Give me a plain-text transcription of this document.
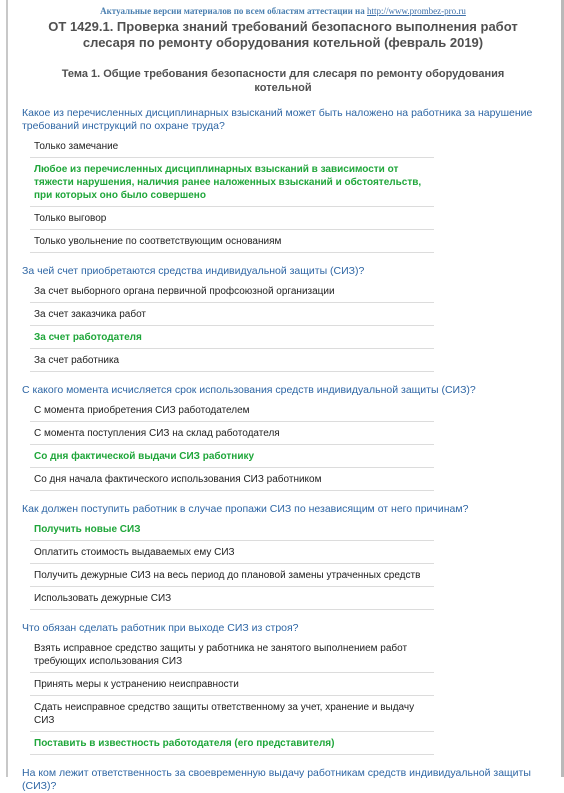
Актуальные версии материалов по всем областям аттестации на http://www.prombez-pro.ru
ОТ 1429.1. Проверка знаний требований безопасного выполнения работ слесаря по ремонту оборудования котельной (февраль 2019)
Тема 1. Общие требования безопасности для слесаря по ремонту оборудования котельной
Какое из перечисленных дисциплинарных взысканий может быть наложено на работника за нарушение требований инструкций по охране труда?
Только замечание
Любое из перечисленных дисциплинарных взысканий в зависимости от тяжести нарушения, наличия ранее наложенных взысканий и обстоятельств, при которых оно было совершено
Только выговор
Только увольнение по соответствующим основаниям
За чей счет приобретаются средства индивидуальной защиты (СИЗ)?
За счет выборного органа первичной профсоюзной организации
За счет заказчика работ
За счет работодателя
За счет работника
С какого момента исчисляется срок использования средств индивидуальной защиты (СИЗ)?
С момента приобретения СИЗ работодателем
С момента поступления СИЗ на склад работодателя
Со дня фактической выдачи СИЗ работнику
Со дня начала фактического использования СИЗ работником
Как должен поступить работник в случае пропажи СИЗ по независящим от него причинам?
Получить новые СИЗ
Оплатить стоимость выдаваемых ему СИЗ
Получить дежурные СИЗ на весь период до плановой замены утраченных средств
Использовать дежурные СИЗ
Что обязан сделать работник при выходе СИЗ из строя?
Взять исправное средство защиты у работника не занятого выполнением работ требующих использования СИЗ
Принять меры к устранению неисправности
Сдать неисправное средство защиты ответственному за учет, хранение и выдачу СИЗ
Поставить в известность работодателя (его представителя)
На ком лежит ответственность за своевременную выдачу работникам средств индивидуальной защиты (СИЗ)?
